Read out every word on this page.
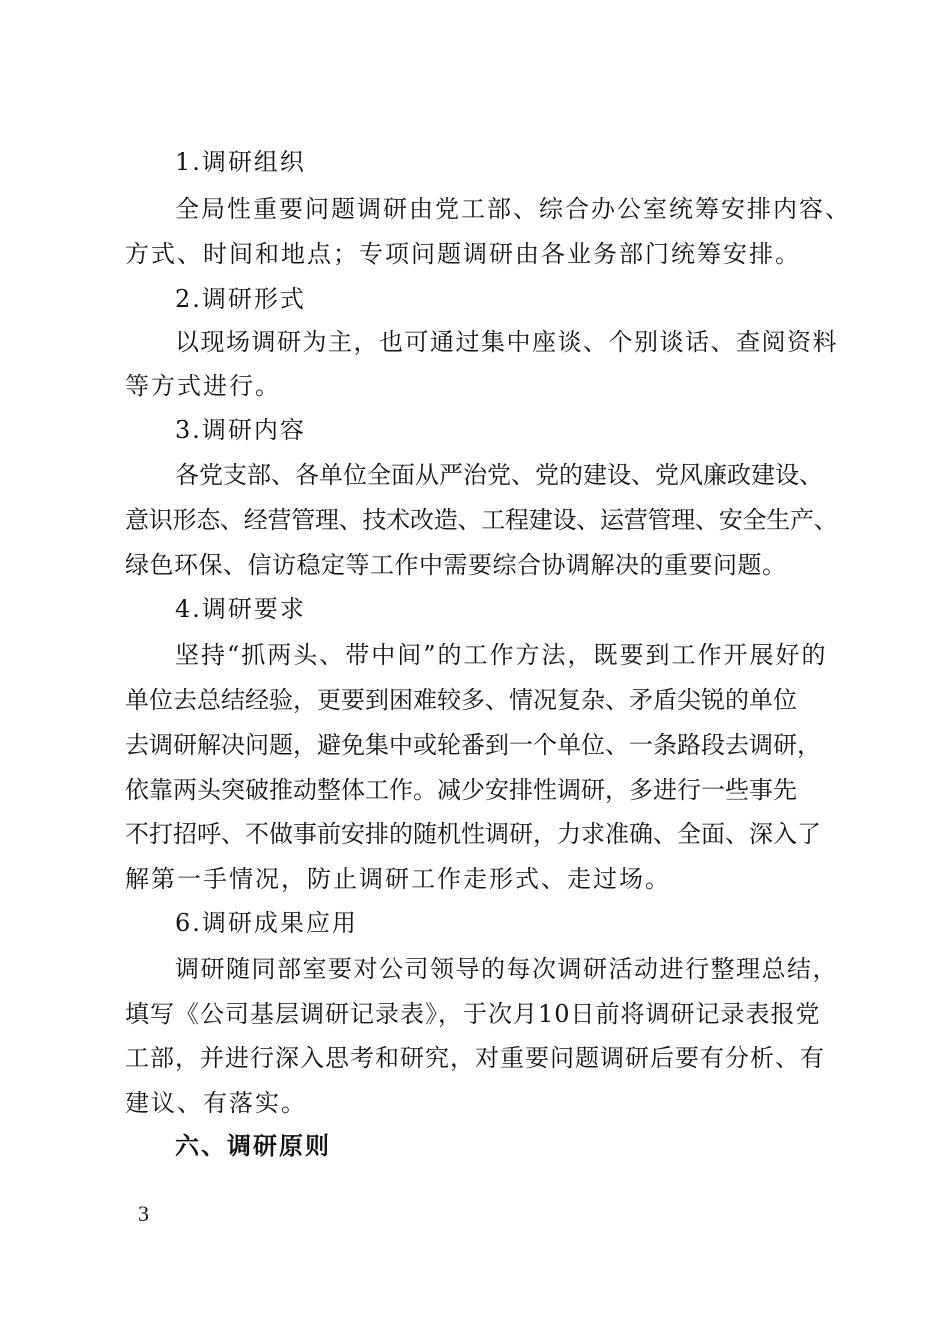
1.调研组织
全局性重要问题调研由党工部、综合办公室统筹安排内容、
方式、时间和地点；专项问题调研由各业务部门统筹安排。
2.调研形式
以现场调研为主，也可通过集中座谈、个别谈话、查阅资料
等方式进行。
3.调研内容
各党支部、各单位全面从严治党、党的建设、党风廉政建设、
意识形态、经营管理、技术改造、工程建设、运营管理、安全生产、
绿色环保、信访稳定等工作中需要综合协调解决的重要问题。
4.调研要求
坚持“抓两头、带中间”的工作方法，既要到工作开展好的
单位去总结经验，更要到困难较多、情况复杂、矛盾尖锐的单位
去调研解决问题，避免集中或轮番到一个单位、一条路段去调研，
依靠两头突破推动整体工作。减少安排性调研，多进行一些事先
不打招呼、不做事前安排的随机性调研，力求准确、全面、深入了
解第一手情况，防止调研工作走形式、走过场。
6.调研成果应用
调研随同部室要对公司领导的每次调研活动进行整理总结，
填写《公司基层调研记录表》，于次月10日前将调研记录表报党
工部，并进行深入思考和研究，对重要问题调研后要有分析、有
建议、有落实。
六、调研原则
3
